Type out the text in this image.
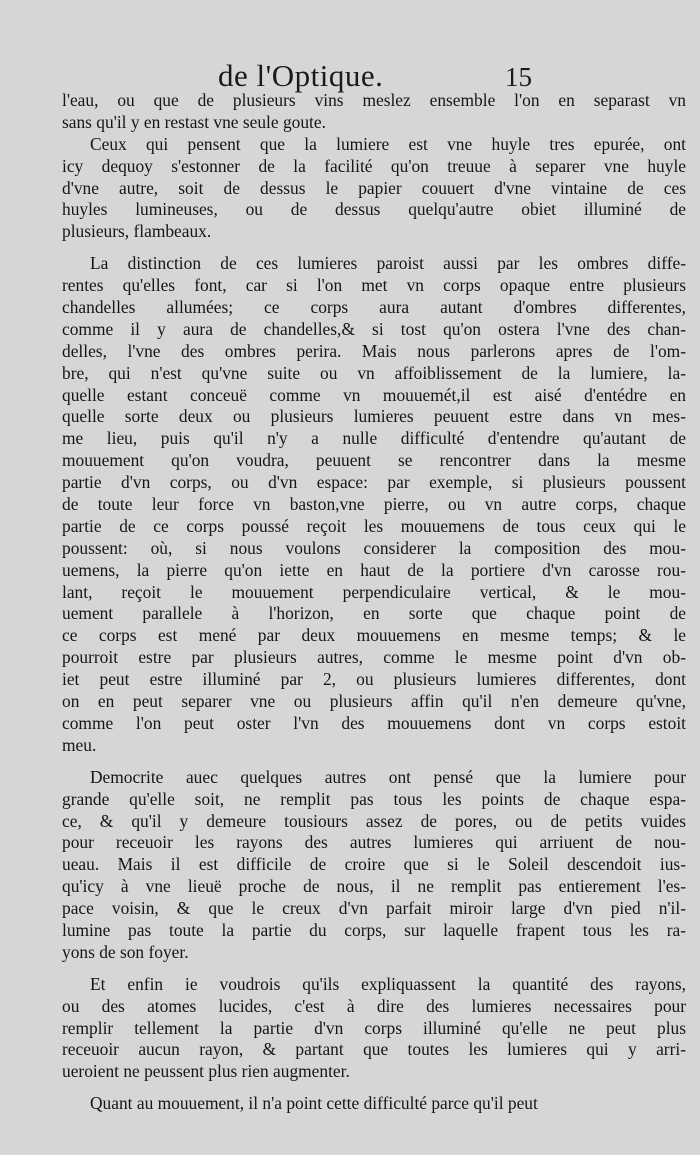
de l'Optique.	15
l'eau, ou que de plusieurs vins meslez ensemble l'on en separast vn
sans qu'il y en restast vne seule goute.
Ceux qui pensent que la lumiere est vne huyle tres epurée, ont
icy dequoy s'estonner de la facilité qu'on treuue à separer vne huyle
d'vne autre, soit de dessus le papier couuert d'vne vintaine de ces
huyles lumineuses, ou de dessus quelqu'autre obiet illuminé de
plusieurs, flambeaux.
La distinction de ces lumieres paroist aussi par les ombres diffe-
rentes qu'elles font, car si l'on met vn corps opaque entre plusieurs
chandelles allumées; ce corps aura autant d'ombres differentes,
comme il y aura de chandelles,& si tost qu'on ostera l'vne des chan-
delles, l'vne des ombres perira. Mais nous parlerons apres de l'om-
bre, qui n'est qu'vne suite ou vn affoiblissement de la lumiere, la-
quelle estant conceuë comme vn mouuemét,il est aisé d'entédre en
quelle sorte deux ou plusieurs lumieres peuuent estre dans vn mes-
me lieu, puis qu'il n'y a nulle difficulté d'entendre qu'autant de
mouuement qu'on voudra, peuuent se rencontrer dans la mesme
partie d'vn corps, ou d'vn espace: par exemple, si plusieurs poussent
de toute leur force vn baston,vne pierre, ou vn autre corps, chaque
partie de ce corps poussé reçoit les mouuemens de tous ceux qui le
poussent: où, si nous voulons considerer la composition des mou-
uemens, la pierre qu'on iette en haut de la portiere d'vn carosse rou-
lant, reçoit le mouuement perpendiculaire vertical, & le mou-
uement parallele à l'horizon, en sorte que chaque point de
ce corps est mené par deux mouuemens en mesme temps; & le
pourroit estre par plusieurs autres, comme le mesme point d'vn ob-
iet peut estre illuminé par 2, ou plusieurs lumieres differentes, dont
on en peut separer vne ou plusieurs affin qu'il n'en demeure qu'vne,
comme l'on peut oster l'vn des mouuemens dont vn corps estoit
meu.
Democrite auec quelques autres ont pensé que la lumiere pour
grande qu'elle soit, ne remplit pas tous les points de chaque espa-
ce, & qu'il y demeure tousiours assez de pores, ou de petits vuides
pour receuoir les rayons des autres lumieres qui arriuent de nou-
ueau. Mais il est difficile de croire que si le Soleil descendoit ius-
qu'icy à vne lieuë proche de nous, il ne remplit pas entierement l'es-
pace voisin, & que le creux d'vn parfait miroir large d'vn pied n'il-
lumine pas toute la partie du corps, sur laquelle frapent tous les ra-
yons de son foyer.
Et enfin ie voudrois qu'ils expliquassent la quantité des rayons,
ou des atomes lucides, c'est à dire des lumieres necessaires pour
remplir tellement la partie d'vn corps illuminé qu'elle ne peut plus
receuoir aucun rayon, & partant que toutes les lumieres qui y arri-
ueroient ne peussent plus rien augmenter.
Quant au mouuement, il n'a point cette difficulté parce qu'il peut
